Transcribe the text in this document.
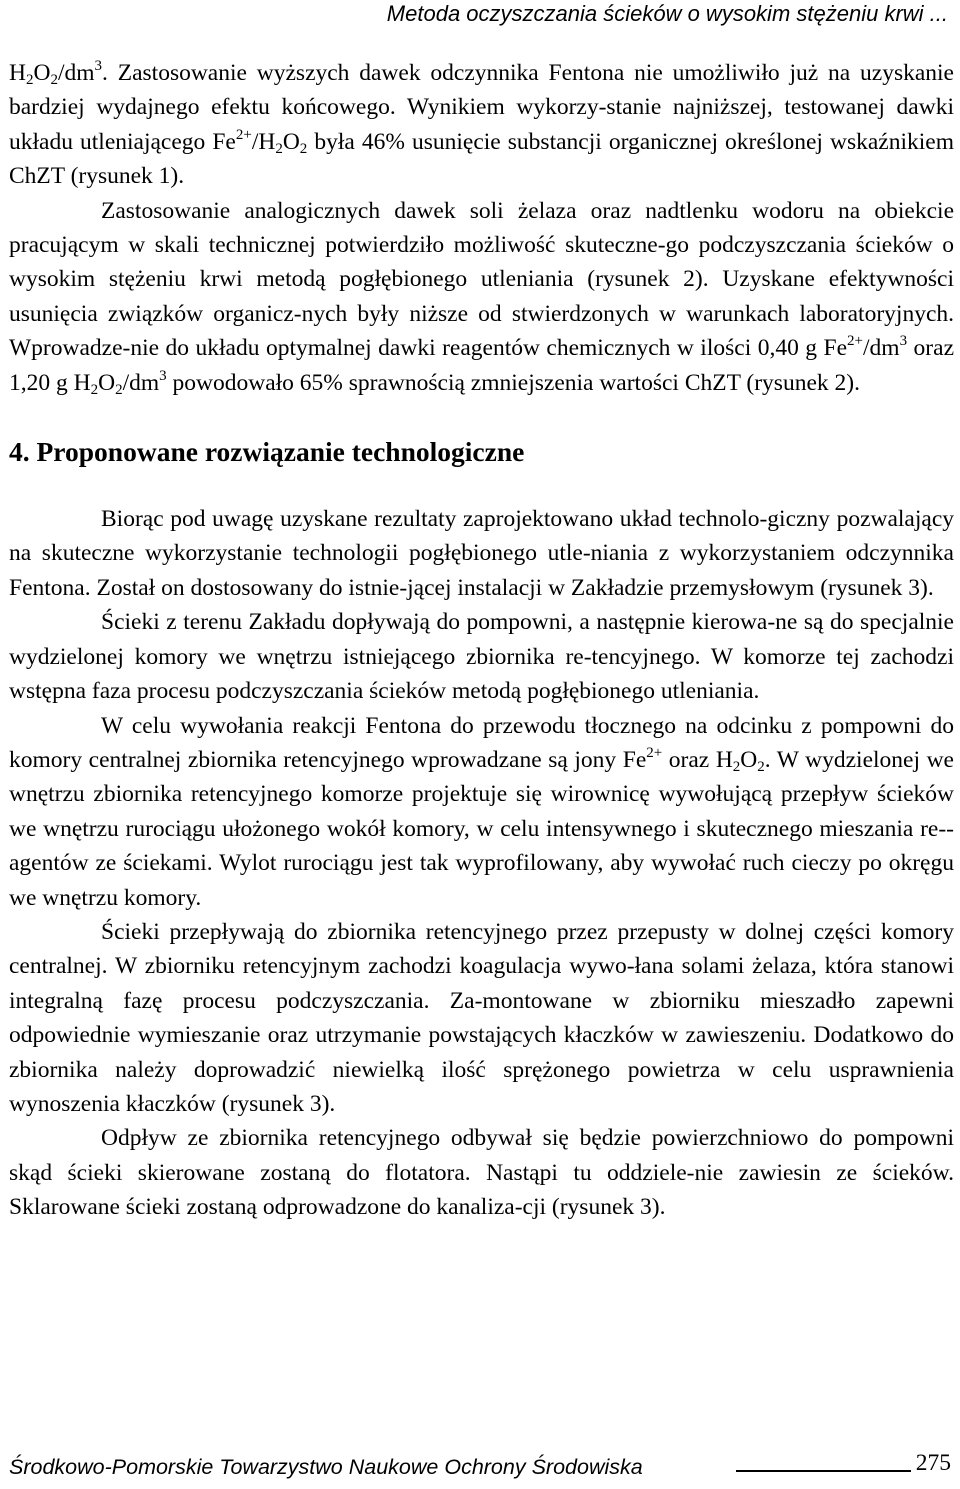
Metoda oczyszczania ścieków o wysokim stężeniu krwi ...

$H_2O_2/dm^3$. Zastosowanie wyższych dawek odczynnika Fentona nie umożliwiło już na uzyskanie bardziej wydajnego efektu końcowego. Wynikiem wykorzy-stanie najniższej, testowanej dawki układu utleniającego $Fe^{2+}/H_2O_2$ była 46% usunięcie substancji organicznej określonej wskaźnikiem ChZT (rysunek 1).

Zastosowanie analogicznych dawek soli żelaza oraz nadtlenku wodoru na obiekcie pracującym w skali technicznej potwierdziło możliwość skuteczne-go podczyszczania ścieków o wysokim stężeniu krwi metodą pogłębionego utleniania (rysunek 2). Uzyskane efektywności usunięcia związków organicz-nych były niższe od stwierdzonych w warunkach laboratoryjnych. Wprowadze-nie do układu optymalnej dawki reagentów chemicznych w ilości 0,40 g $Fe^{2+}/dm^3$ oraz 1,20 g $H_2O_2/dm^3$ powodowało 65% sprawnością zmniejszenia wartości ChZT (rysunek 2).

4. Proponowane rozwiązanie technologiczne

Biorąc pod uwagę uzyskane rezultaty zaprojektowano układ technolo-giczny pozwalający na skuteczne wykorzystanie technologii pogłębionego utle-niania z wykorzystaniem odczynnika Fentona. Został on dostosowany do istnie-jącej instalacji w Zakładzie przemysłowym (rysunek 3).

Ścieki z terenu Zakładu dopływają do pompowni, a następnie kierowa-ne są do specjalnie wydzielonej komory we wnętrzu istniejącego zbiornika re-tencyjnego. W komorze tej zachodzi wstępna faza procesu podczyszczania ścieków metodą pogłębionego utleniania.

W celu wywołania reakcji Fentona do przewodu tłocznego na odcinku z pompowni do komory centralnej zbiornika retencyjnego wprowadzane są jony $Fe^{2+}$ oraz $H_2O_2$. W wydzielonej we wnętrzu zbiornika retencyjnego komorze projektuje się wirownicę wywołującą przepływ ścieków we wnętrzu rurociągu ułożonego wokół komory, w celu intensywnego i skutecznego mieszania re-agentów ze ściekami. Wylot rurociągu jest tak wyprofilowany, aby wywołać ruch cieczy po okręgu we wnętrzu komory.

Ścieki przepływają do zbiornika retencyjnego przez przepusty w dolnej części komory centralnej. W zbiorniku retencyjnym zachodzi koagulacja wywo-łana solami żelaza, która stanowi integralną fazę procesu podczyszczania. Za-montowane w zbiorniku mieszadło zapewni odpowiednie wymieszanie oraz utrzymanie powstających kłaczków w zawieszeniu. Dodatkowo do zbiornika należy doprowadzić niewielką ilość sprężonego powietrza w celu usprawnienia wynoszenia kłaczków (rysunek 3).

Odpływ ze zbiornika retencyjnego odbywał się będzie powierzchniowo do pompowni skąd ścieki skierowane zostaną do flotatora. Nastąpi tu oddziele-nie zawiesin ze ścieków. Sklarowane ścieki zostaną odprowadzone do kanaliza-cji (rysunek 3).

Środkowo-Pomorskie Towarzystwo Naukowe Ochrony Środowiska	275
